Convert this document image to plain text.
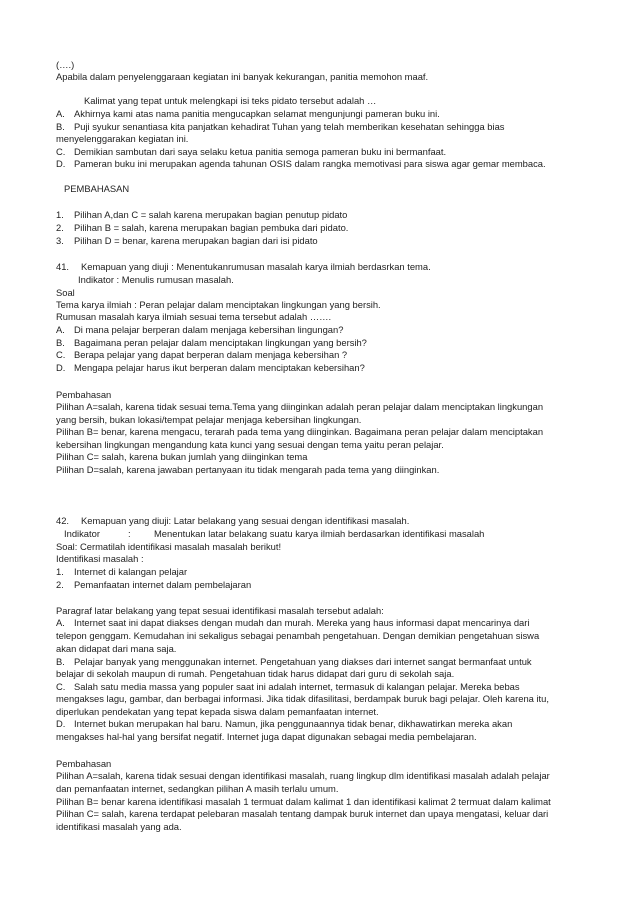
(….)
Apabila dalam penyelenggaraan kegiatan ini banyak kekurangan, panitia memohon maaf.
Kalimat yang tepat untuk melengkapi isi teks pidato tersebut adalah …
A. Akhirnya kami atas nama panitia mengucapkan selamat mengunjungi pameran buku ini.
B. Puji syukur senantiasa kita panjatkan kehadirat Tuhan yang telah memberikan kesehatan sehingga bias
menyelenggarakan kegiatan ini.
C. Demikian sambutan dari saya selaku ketua panitia semoga pameran buku ini bermanfaat.
D. Pameran buku ini merupakan agenda tahunan OSIS dalam rangka memotivasi para siswa agar gemar membaca.
PEMBAHASAN
1. Pilihan A,dan C = salah karena merupakan bagian penutup pidato
2. Pilihan B = salah, karena merupakan bagian pembuka dari pidato.
3. Pilihan D = benar, karena merupakan bagian dari isi pidato
41. Kemapuan yang diuji : Menentukanrumusan masalah karya ilmiah berdasrkan tema.
Indikator : Menulis rumusan masalah.
Soal
Tema karya ilmiah : Peran pelajar dalam menciptakan lingkungan yang bersih.
Rumusan masalah karya ilmiah sesuai tema tersebut adalah …….
A. Di mana pelajar berperan dalam menjaga kebersihan lingungan?
B. Bagaimana peran pelajar dalam menciptakan lingkungan yang bersih?
C. Berapa pelajar yang dapat berperan dalam menjaga kebersihan ?
D. Mengapa pelajar harus ikut berperan dalam menciptakan kebersihan?
Pembahasan
Pilihan A=salah, karena tidak sesuai tema.Tema yang diinginkan adalah peran pelajar dalam menciptakan lingkungan
yang bersih, bukan lokasi/tempat pelajar menjaga kebersihan lingkungan.
Pilihan B= benar, karena mengacu, terarah pada tema yang diinginkan. Bagaimana peran pelajar dalam menciptakan
kebersihan lingkungan mengandung kata kunci yang sesuai dengan tema yaitu peran pelajar.
Pilihan C= salah, karena bukan jumlah yang diinginkan tema
Pilihan D=salah, karena jawaban pertanyaan itu tidak mengarah pada tema yang diinginkan.
42. Kemapuan yang diuji: Latar belakang yang sesuai dengan identifikasi masalah.
Indikator	: Menentukan latar belakang suatu karya ilmiah berdasarkan identifikasi masalah
Soal: Cermatilah identifikasi masalah masalah berikut!
Identifikasi masalah :
1. Internet di kalangan pelajar
2. Pemanfaatan internet dalam pembelajaran
Paragraf latar belakang yang tepat sesuai identifikasi masalah tersebut adalah:
A. Internet saat ini dapat diakses dengan mudah dan murah. Mereka yang haus informasi dapat mencarinya dari
telepon genggam. Kemudahan ini sekaligus sebagai penambah pengetahuan. Dengan demikian pengetahuan siswa
akan didapat dari mana saja.
B. Pelajar banyak yang menggunakan internet. Pengetahuan yang diakses dari internet sangat bermanfaat untuk
belajar di sekolah maupun di rumah. Pengetahuan tidak harus didapat dari guru di sekolah saja.
C. Salah satu media massa yang populer saat ini adalah internet, termasuk di kalangan pelajar. Mereka bebas
mengakses lagu, gambar, dan berbagai informasi. Jika tidak difasilitasi, berdampak buruk bagi pelajar. Oleh karena itu,
diperlukan pendekatan yang tepat kepada siswa dalam pemanfaatan internet.
D. Internet bukan merupakan hal baru. Namun, jika penggunaannya tidak benar, dikhawatirkan mereka akan
mengakses hal-hal yang bersifat negatif. Internet juga dapat digunakan sebagai media pembelajaran.
Pembahasan
Pilihan A=salah, karena tidak sesuai dengan identifikasi masalah, ruang lingkup dlm identifikasi masalah adalah pelajar
dan pemanfaatan internet, sedangkan pilihan A masih terlalu umum.
Pilihan B= benar karena identifikasi masalah 1 termuat dalam kalimat 1 dan identifikasi kalimat 2 termuat dalam kalimat
Pilihan C= salah, karena terdapat pelebaran masalah tentang dampak buruk internet dan upaya mengatasi, keluar dari
identifikasi masalah yang ada.
